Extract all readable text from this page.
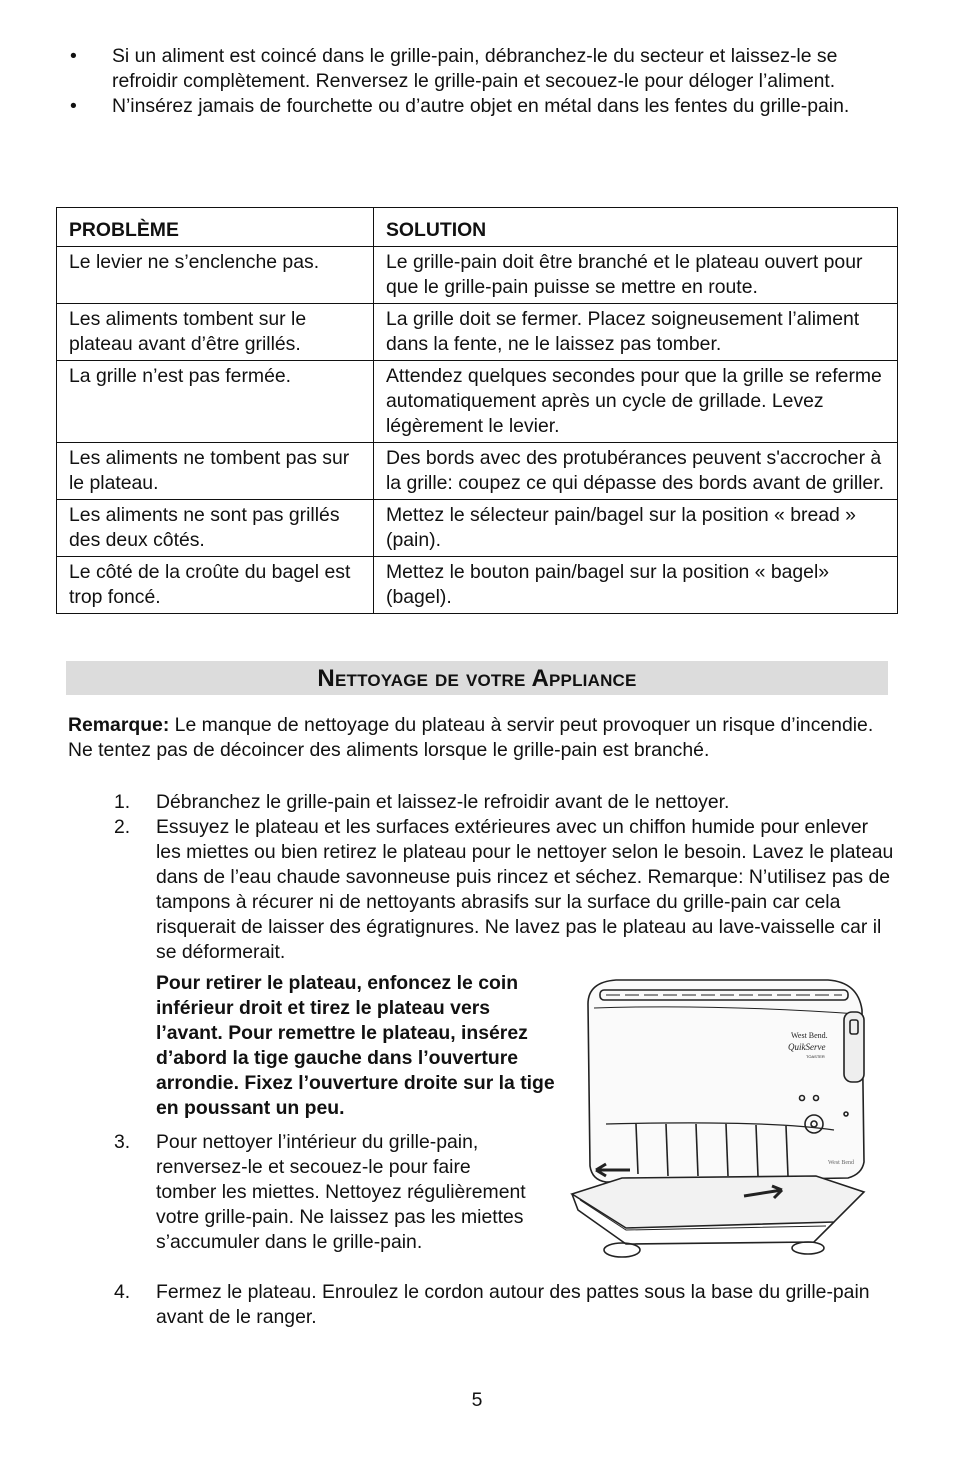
• Si un aliment est coincé dans le grille-pain, débranchez-le du secteur et laissez-le se refroidir complètement. Renversez le grille-pain et secouez-le pour déloger l’aliment.
• N’insérez jamais de fourchette ou d’autre objet en métal dans les fentes du grille-pain.
PROBLÈME	SOLUTION
Le levier ne s’enclenche pas.	Le grille-pain doit être branché et le plateau ouvert pour que le grille-pain puisse se mettre en route.
Les aliments tombent sur le plateau avant d’être grillés.	La grille doit se fermer. Placez soigneusement l’aliment dans la fente, ne le laissez pas tomber.
La grille n’est pas fermée.	Attendez quelques secondes pour que la grille se referme automatiquement après un cycle de grillade. Levez légèrement le levier.
Les aliments ne tombent pas sur le plateau.	Des bords avec des protubérances peuvent s'accrocher à la grille: coupez ce qui dépasse des bords avant de griller.
Les aliments ne sont pas grillés des deux côtés.	Mettez le sélecteur pain/bagel sur la position « bread » (pain).
Le côté de la croûte du bagel est trop foncé.	Mettez le bouton pain/bagel sur la position « bagel» (bagel).
Nettoyage de votre Appliance
Remarque: Le manque de nettoyage du plateau à servir peut provoquer un risque d’incendie. Ne tentez pas de décoincer des aliments lorsque le grille-pain est branché.
1. Débranchez le grille-pain et laissez-le refroidir avant de le nettoyer.
2. Essuyez le plateau et les surfaces extérieures avec un chiffon humide pour enlever les miettes ou bien retirez le plateau pour le nettoyer selon le besoin. Lavez le plateau dans de l’eau chaude savonneuse puis rincez et séchez. Remarque: N’utilisez pas de tampons à récurer ni de nettoyants abrasifs sur la surface du grille-pain car cela risquerait de laisser des égratignures. Ne lavez pas le plateau au lave-vaisselle car il se déformerait.
Pour retirer le plateau, enfoncez le coin inférieur droit et tirez le plateau vers l’avant. Pour remettre le plateau, insérez d’abord la tige gauche dans l’ouverture arrondie. Fixez l’ouverture droite sur la tige en poussant un peu.
3. Pour nettoyer l’intérieur du grille-pain, renversez-le et secouez-le pour faire tomber les miettes. Nettoyez régulièrement votre grille-pain. Ne laissez pas les miettes s’accumuler dans le grille-pain.
4. Fermez le plateau. Enroulez le cordon autour des pattes sous la base du grille-pain avant de le ranger.
West Bend.
QuikServe
TOASTER
West Bend
5
